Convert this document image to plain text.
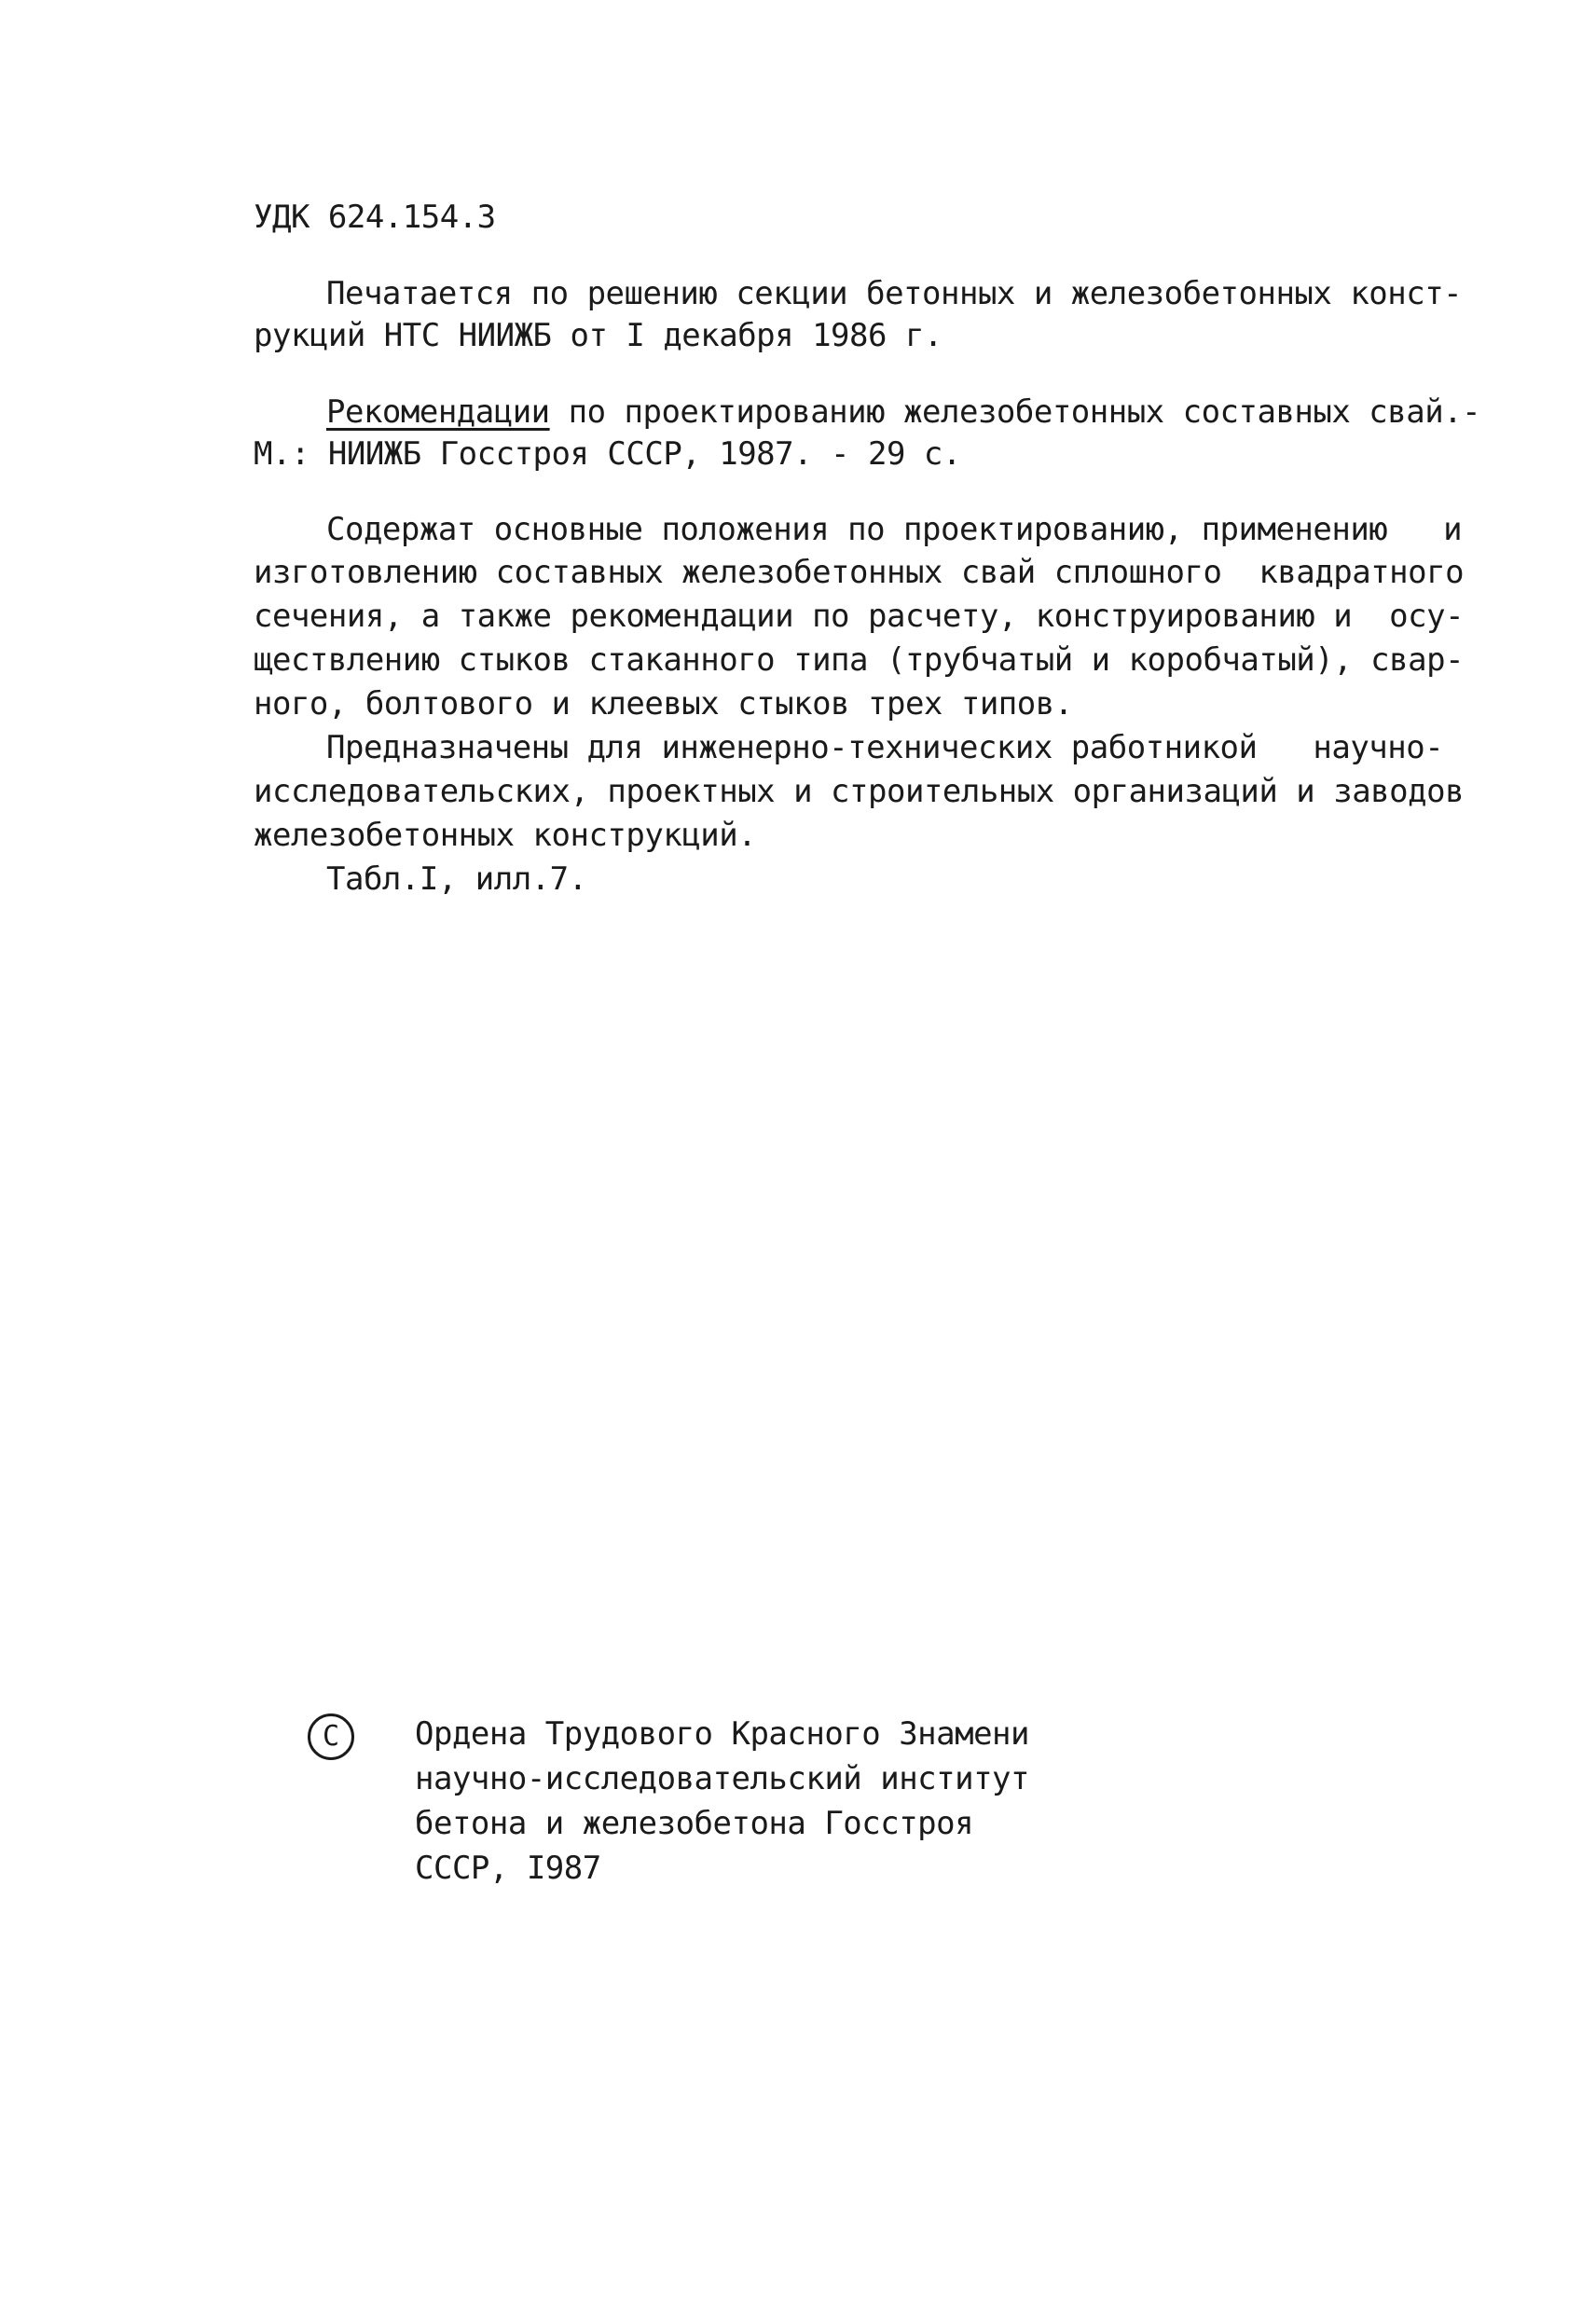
УДК 624.154.3
Печатается по решению секции бетонных и железобетонных конст-
рукций НТС НИИЖБ от I декабря 1986 г.
Рекомендации по проектированию железобетонных составных свай.-
М.: НИИЖБ Госстроя СССР, 1987. - 29 с.
Содержат основные положения по проектированию, применению   и
изготовлению составных железобетонных свай сплошного  квадратного
сечения, а также рекомендации по расчету, конструированию и  осу-
ществлению стыков стаканного типа (трубчатый и коробчатый), свар-
ного, болтового и клеевых стыков трех типов.
Предназначены для инженерно-технических работникой   научно-
исследовательских, проектных и строительных организаций и заводов
железобетонных конструкций.
Табл.I, илл.7.
С Ордена Трудового Красного Знамени
научно-исследовательский институт
бетона и железобетона Госстроя
СССР, I987
